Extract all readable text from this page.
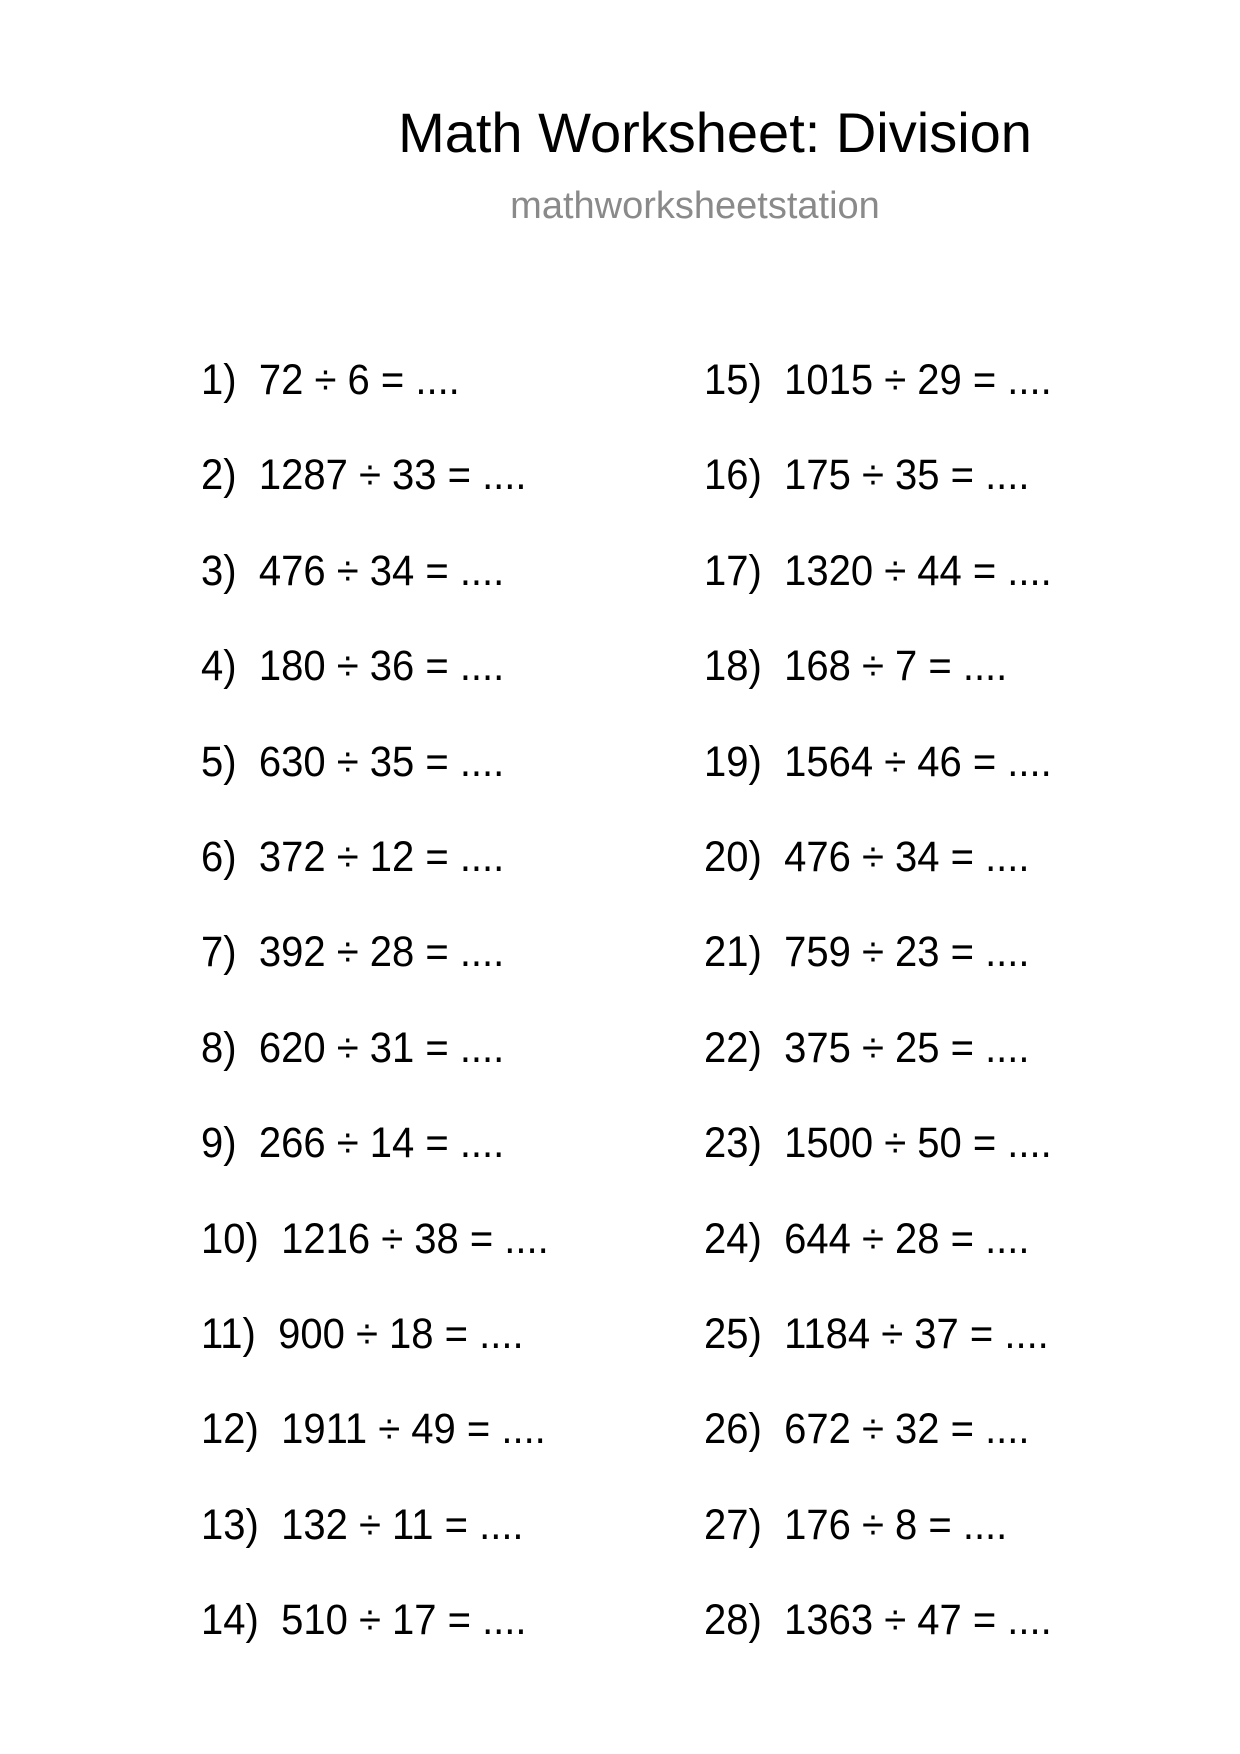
Math Worksheet: Division
mathworksheetstation
1) 72 ÷ 6 = ....
2) 1287 ÷ 33 = ....
3) 476 ÷ 34 = ....
4) 180 ÷ 36 = ....
5) 630 ÷ 35 = ....
6) 372 ÷ 12 = ....
7) 392 ÷ 28 = ....
8) 620 ÷ 31 = ....
9) 266 ÷ 14 = ....
10) 1216 ÷ 38 = ....
11) 900 ÷ 18 = ....
12) 1911 ÷ 49 = ....
13) 132 ÷ 11 = ....
14) 510 ÷ 17 = ....
15) 1015 ÷ 29 = ....
16) 175 ÷ 35 = ....
17) 1320 ÷ 44 = ....
18) 168 ÷ 7 = ....
19) 1564 ÷ 46 = ....
20) 476 ÷ 34 = ....
21) 759 ÷ 23 = ....
22) 375 ÷ 25 = ....
23) 1500 ÷ 50 = ....
24) 644 ÷ 28 = ....
25) 1184 ÷ 37 = ....
26) 672 ÷ 32 = ....
27) 176 ÷ 8 = ....
28) 1363 ÷ 47 = ....
